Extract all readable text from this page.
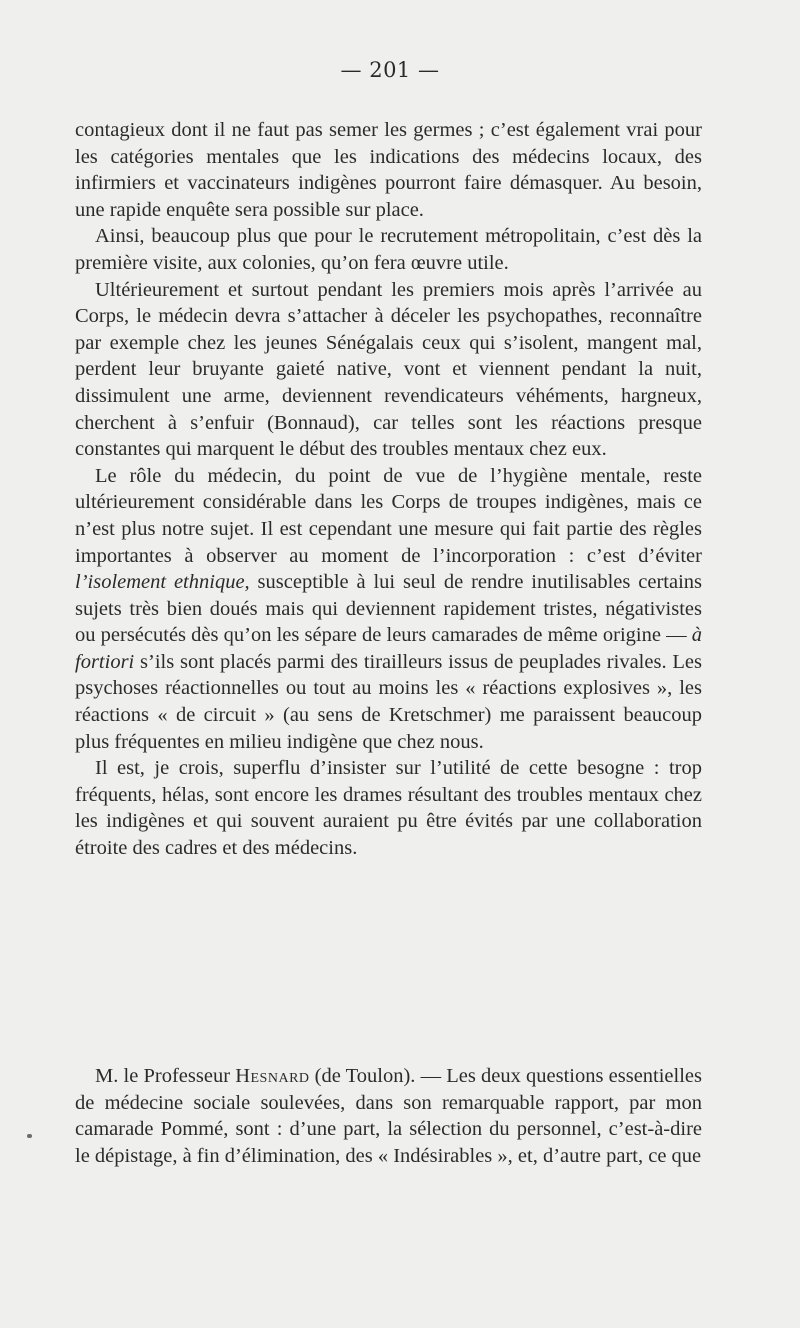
— 201 —

contagieux dont il ne faut pas semer les germes ; c’est également vrai pour les catégories mentales que les indications des médecins locaux, des infirmiers et vaccinateurs indigènes pourront faire démasquer. Au besoin, une rapide enquête sera possible sur place.

Ainsi, beaucoup plus que pour le recrutement métropolitain, c’est dès la première visite, aux colonies, qu’on fera œuvre utile.

Ultérieurement et surtout pendant les premiers mois après l’arrivée au Corps, le médecin devra s’attacher à déceler les psychopathes, reconnaître par exemple chez les jeunes Sénégalais ceux qui s’isolent, mangent mal, perdent leur bruyante gaieté native, vont et viennent pendant la nuit, dissimulent une arme, deviennent revendicateurs véhéments, hargneux, cherchent à s’enfuir (Bonnaud), car telles sont les réactions presque constantes qui marquent le début des troubles mentaux chez eux.

Le rôle du médecin, du point de vue de l’hygiène mentale, reste ultérieurement considérable dans les Corps de troupes indigènes, mais ce n’est plus notre sujet. Il est cependant une mesure qui fait partie des règles importantes à observer au moment de l’incorporation : c’est d’éviter l’isolement ethnique, susceptible à lui seul de rendre inutilisables certains sujets très bien doués mais qui deviennent rapidement tristes, négativistes ou persécutés dès qu’on les sépare de leurs camarades de même origine — à fortiori s’ils sont placés parmi des tirailleurs issus de peuplades rivales. Les psychoses réactionnelles ou tout au moins les « réactions explosives », les réactions « de circuit » (au sens de Kretschmer) me paraissent beaucoup plus fréquentes en milieu indigène que chez nous.

Il est, je crois, superflu d’insister sur l’utilité de cette besogne : trop fréquents, hélas, sont encore les drames résultant des troubles mentaux chez les indigènes et qui souvent auraient pu être évités par une collaboration étroite des cadres et des médecins.

M. le Professeur Hesnard (de Toulon). — Les deux questions essentielles de médecine sociale soulevées, dans son remarquable rapport, par mon camarade Pommé, sont : d’une part, la sélection du personnel, c’est-à-dire le dépistage, à fin d’élimination, des « Indésirables », et, d’autre part, ce que
